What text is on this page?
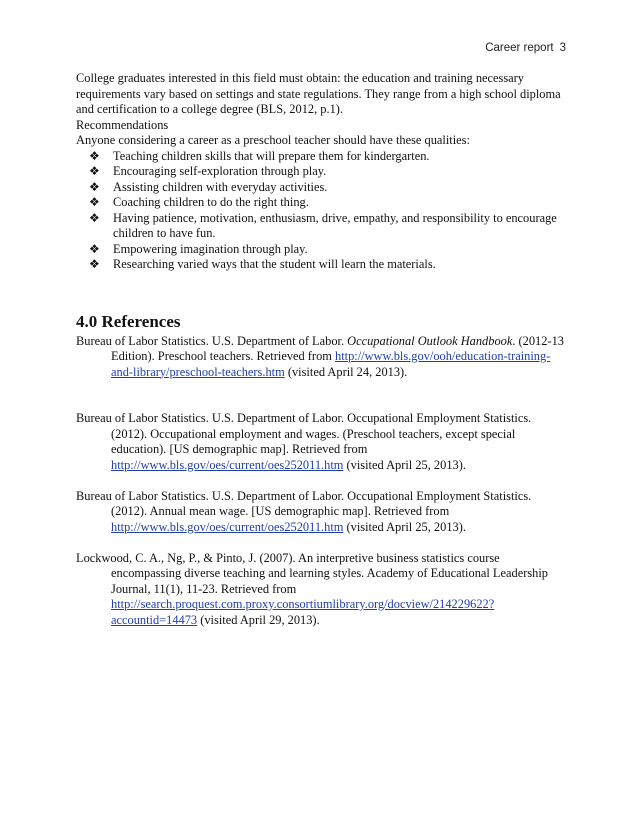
Career report 3

College graduates interested in this field must obtain: the education and training necessary requirements vary based on settings and state regulations. They range from a high school diploma and certification to a college degree (BLS, 2012, p.1).

Recommendations

Anyone considering a career as a preschool teacher should have these qualities:

❖ Teaching children skills that will prepare them for kindergarten.
❖ Encouraging self-exploration through play.
❖ Assisting children with everyday activities.
❖ Coaching children to do the right thing.
❖ Having patience, motivation, enthusiasm, drive, empathy, and responsibility to encourage children to have fun.
❖ Empowering imagination through play.
❖ Researching varied ways that the student will learn the materials.
4.0 References

Bureau of Labor Statistics. U.S. Department of Labor. Occupational Outlook Handbook. (2012-13 Edition). Preschool teachers. Retrieved from http://www.bls.gov/ooh/education-training-and-library/preschool-teachers.htm (visited April 24, 2013).

Bureau of Labor Statistics. U.S. Department of Labor. Occupational Employment Statistics. (2012). Occupational employment and wages. (Preschool teachers, except special education). [US demographic map]. Retrieved from http://www.bls.gov/oes/current/oes252011.htm (visited April 25, 2013).

Bureau of Labor Statistics. U.S. Department of Labor. Occupational Employment Statistics. (2012). Annual mean wage. [US demographic map]. Retrieved from http://www.bls.gov/oes/current/oes252011.htm (visited April 25, 2013).

Lockwood, C. A., Ng, P., & Pinto, J. (2007). An interpretive business statistics course encompassing diverse teaching and learning styles. Academy of Educational Leadership Journal, 11(1), 11-23. Retrieved from http://search.proquest.com.proxy.consortiumlibrary.org/docview/214229622?accountid=14473 (visited April 29, 2013).
